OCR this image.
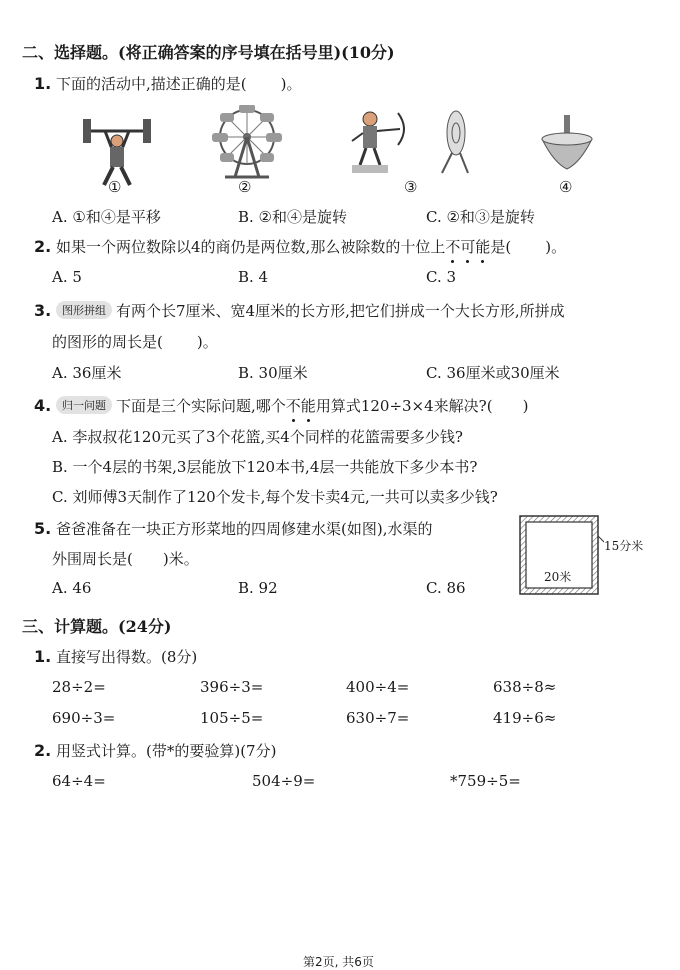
二、选择题。(将正确答案的序号填在括号里)(10分)
1. 下面的活动中,描述正确的是( )。
①	②	③	④
A. ①和④是平移	B. ②和④是旋转	C. ②和③是旋转
2. 如果一个两位数除以4的商仍是两位数,那么被除数的十位上不可能是( )。
A. 5	B. 4	C. 3
3. 图形拼组 有两个长7厘米、宽4厘米的长方形,把它们拼成一个大长方形,所拼成
的图形的周长是( )。
A. 36厘米	B. 30厘米	C. 36厘米或30厘米
4. 归一问题 下面是三个实际问题,哪个不能用算式120÷3×4来解决?( )
A. 李叔叔花120元买了3个花篮,买4个同样的花篮需要多少钱?
B. 一个4层的书架,3层能放下120本书,4层一共能放下多少本书?
C. 刘师傅3天制作了120个发卡,每个发卡卖4元,一共可以卖多少钱?
5. 爸爸准备在一块正方形菜地的四周修建水渠(如图),水渠的
外围周长是( )米。
A. 46	B. 92	C. 86
20米
15分米
三、计算题。(24分)
1. 直接写出得数。(8分)
28÷2=	396÷3=	400÷4=	638÷8≈
690÷3=	105÷5=	630÷7=	419÷6≈
2. 用竖式计算。(带*的要验算)(7分)
64÷4=	504÷9=	*759÷5=
第2页, 共6页
